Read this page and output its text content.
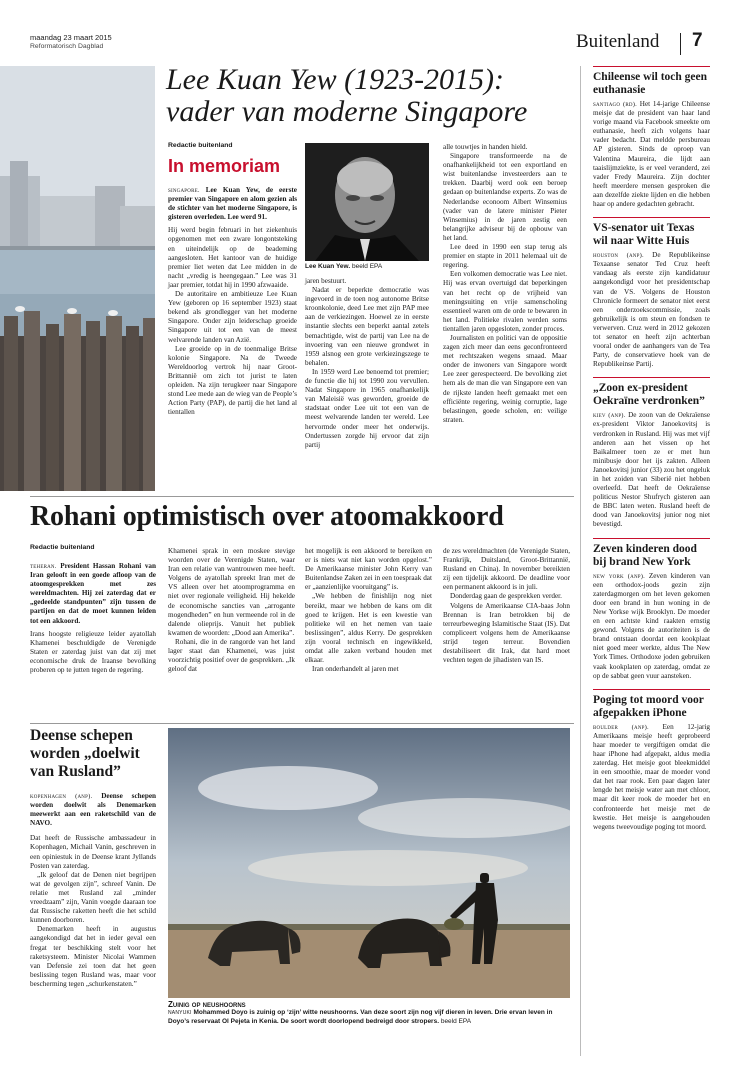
maandag 23 maart 2015
Reformatorisch Dagblad	Buitenland 7
Lee Kuan Yew (1923-2015):
vader van moderne Singapore
Redactie buitenland
In memoriam

singapore. Lee Kuan Yew, de eerste premier van Singapore en alom gezien als de stichter van het moderne Singapore, is gisteren overleden. Lee werd 91.

Hij werd begin februari in het ziekenhuis opgenomen met een zware longontsteking en uiteindelijk op de beademing aangesloten. Het kantoor van de huidige premier liet weten dat Lee midden in de nacht „vredig is heengegaan.” Lee was 31 jaar premier, totdat hij in 1990 afzwaaide.

De autoritaire en ambitieuze Lee Kuan Yew (geboren op 16 september 1923) staat bekend als grondlegger van het moderne Singapore. Onder zijn leiderschap groeide Singapore uit tot een van de meest welvarende landen van Azië.

Lee groeide op in de toenmalige Britse kolonie Singapore. Na de Tweede Wereldoorlog vertrok hij naar Groot-Brittannië om zich tot jurist te laten opleiden. Na zijn terugkeer naar Singapore stond Lee mede aan de wieg van de People’s Action Party (PAP), de partij die het land al tientallen

Lee Kuan Yew. beeld EPA

jaren bestuurt.

Nadat er beperkte democratie was ingevoerd in de toen nog autonome Britse kroonkolonie, deed Lee met zijn PAP mee aan de verkiezingen. Hoewel ze in eerste instantie slechts een beperkt aantal zetels bemachtigde, wist de partij van Lee na de invoering van een nieuwe grondwet in 1959 alsnog een grote verkiezingszege te behalen.

In 1959 werd Lee benoemd tot premier; de functie die hij tot 1990 zou vervullen. Nadat Singapore in 1965 onafhankelijk van Maleisië was geworden, groeide de stadstaat onder Lee uit tot een van de meest welvarende landen ter wereld. Lee hervormde onder meer het onderwijs. Ondertussen zorgde hij ervoor dat zijn partij

alle touwtjes in handen hield.

Singapore transformeerde na de onafhankelijkheid tot een exportland en wist buitenlandse investeerders aan te trekken. Daarbij werd ook een beroep gedaan op buitenlandse experts. Zo was de Nederlandse econoom Albert Winsemius (vader van de latere minister Pieter Winsemius) in de jaren zestig een belangrijke adviseur bij de opbouw van het land.

Lee deed in 1990 een stap terug als premier en stapte in 2011 helemaal uit de regering.

Een volkomen democratie was Lee niet. Hij was ervan overtuigd dat beperkingen van het recht op de vrijheid van meningsuiting en vrije samenscholing essentieel waren om de orde te bewaren in het land. Politieke rivalen werden soms tientallen jaren opgesloten, zonder proces.

Journalisten en politici van de oppositie zagen zich meer dan eens geconfronteerd met rechtszaken wegens smaad. Maar onder de inwoners van Singapore wordt Lee zeer gerespecteerd. De bevolking ziet hem als de man die van Singapore een van de rijkste landen heeft gemaakt met een efficiënte regering, weinig corruptie, lage belastingen, goede scholen, en: veilige straten.

Rohani optimistisch over atoomakkoord
Redactie buitenland

teheran. President Hassan Rohani van Iran gelooft in een goede afloop van de atoomgesprekken met zes wereldmachten. Hij zei zaterdag dat er „gedeelde standpunten” zijn tussen de partijen en dat de moet kunnen leiden tot een akkoord.

Irans hoogste religieuze leider ayatollah Khamenei beschuldigde de Verenigde Staten er zaterdag juist van dat zij met economische druk de Iraanse bevolking proberen op te jutten tegen de regering.

Khamenei sprak in een moskee stevige woorden over de Verenigde Staten, waar Iran een relatie van wantrouwen mee heeft. Volgens de ayatollah spreekt Iran met de VS alleen over het atoomprogramma en niet over regionale veiligheid. Hij hekelde de economische sancties van „arrogante mogendheden” en hun vermeende rol in de dalende olieprijs. Vanuit het publiek kwamen de woorden: „Dood aan Amerika”.

Rohani, die in de rangorde van het land lager staat dan Khamenei, was juist voorzichtig positief over de gesprekken. „Ik geloof dat

het mogelijk is een akkoord te bereiken en er is niets wat niet kan worden opgelost.” De Amerikaanse minister John Kerry van Buitenlandse Zaken zei in een toespraak dat er „aanzienlijke vooruitgang” is.

„We hebben de finishlijn nog niet bereikt, maar we hebben de kans om dit goed te krijgen. Het is een kwestie van politieke wil en het nemen van taaie beslissingen”, aldus Kerry. De gesprekken zijn vooral technisch en ingewikkeld, omdat alle zaken verband houden met elkaar.

Iran onderhandelt al jaren met

de zes wereldmachten (de Verenigde Staten, Frankrijk, Duitsland, Groot-Brittannië, Rusland en China). In november bereikten zij een tijdelijk akkoord. De deadline voor een permanent akkoord is in juli.

Donderdag gaan de gesprekken verder.

Volgens de Amerikaanse CIA-baas John Brennan is Iran betrokken bij de terreurbeweging Islamitische Staat (IS). Dat compliceert volgens hem de Amerikaanse strijd tegen terreur. Bovendien destabiliseert dit Irak, dat hard moet vechten tegen de jihadisten van IS.

Deense schepen
worden „doelwit
van Rusland”

kopenhagen (anp). Deense schepen worden doelwit als Denemarken meewerkt aan een raketschild van de NAVO.

Dat heeft de Russische ambassadeur in Kopenhagen, Michail Vanin, geschreven in een opiniestuk in de Deense krant Jyllands Posten van zaterdag.

„Ik geloof dat de Denen niet begrijpen wat de gevolgen zijn”, schreef Vanin. De relatie met Rusland zal „minder vreedzaam” zijn, Vanin voegde daaraan toe dat Russische raketten heeft die het schild kunnen doorboren.

Denemarken heeft in augustus aangekondigd dat het in ieder geval een fregat ter beschikking stelt voor het raketsysteem. Minister Nicolai Wammen van Defensie zei toen dat het geen beslissing tegen Rusland was, maar voor bescherming tegen „schurkenstaten.”

Zuinig op neushoorns
nanyuki Mohammed Doyo is zuinig op ‘zijn’ witte neushoorns. Van deze soort zijn nog vijf dieren in leven. Drie ervan leven in Doyo’s reservaat Ol Pejeta in Kenia. De soort wordt doorlopend bedreigd door stropers. beeld EPA
Chileense wil toch geen euthanasie
santiago (rd). Het 14-jarige Chileense meisje dat de president van haar land vorige maand via Facebook smeekte om euthanasie, heeft zich volgens haar vader bedacht. Dat meldde persbureau AP gisteren. Sinds de oproep van Valentina Maureira, die lijdt aan taaislijmziekte, is er veel veranderd, zei vader Fredy Maureira. Zijn dochter heeft meerdere mensen gesproken die aan dezelfde ziekte lijden en die hebben haar op andere gedachten gebracht.
VS-senator uit Texas wil naar Witte Huis
houston (anp). De Republikeinse Texaanse senator Ted Cruz heeft vandaag als eerste zijn kandidatuur aangekondigd voor het presidentschap van de VS. Volgens de Houston Chronicle formeert de senator niet eerst een onderzoekscommissie, zoals gebruikelijk is om steun en fondsen te verwerven. Cruz werd in 2012 gekozen tot senator en heeft zijn achterban vooral onder de aanhangers van de Tea Party, de conservatieve hoek van de Republikeinse Partij.
„Zoon ex-president Oekraïne verdronken”
kiev (anp). De zoon van de Oekraïense ex-president Viktor Janoekovitsj is verdronken in Rusland. Hij was met vijf anderen aan het vissen op het Baikalmeer toen ze er met hun minibusje door het ijs zakten. Alleen Janoekovitsj junior (33) zou het ongeluk in het zoiden van Siberië niet hebben overleefd. Dat heeft de Oekraïense politicus Nestor Shufrych gisteren aan de BBC laten weten. Rusland heeft de dood van Janoekovitsj junior nog niet bevestigd.
Zeven kinderen dood bij brand New York
new york (anp). Zeven kinderen van een orthodox-joods gezin zijn zaterdagmorgen om het leven gekomen door een brand in hun woning in de New Yorkse wijk Brooklyn. De moeder en een achtste kind raakten ernstig gewond. Volgens de autoriteiten is de brand ontstaan doordat een kookplaat niet goed meer werkte, aldus The New York Times. Orthodoxe joden gebruiken vaak kookplaten op zaterdag, omdat ze op de sabbat geen vuur aansteken.
Poging tot moord voor afgepakken iPhone
boulder (anp). Een 12-jarig Amerikaans meisje heeft geprobeerd haar moeder te vergiftigen omdat die haar iPhone had afgepakt, aldus media zaterdag. Het meisje goot bleekmiddel in een smoothie, maar de moeder vond dat het raar rook. Een paar dagen later lengde het meisje water aan met chloor, maar dit keer rook de moeder het en confronteerde het meisje met de kwestie. Het meisje is aangehouden wegens tweevoudige poging tot moord.
